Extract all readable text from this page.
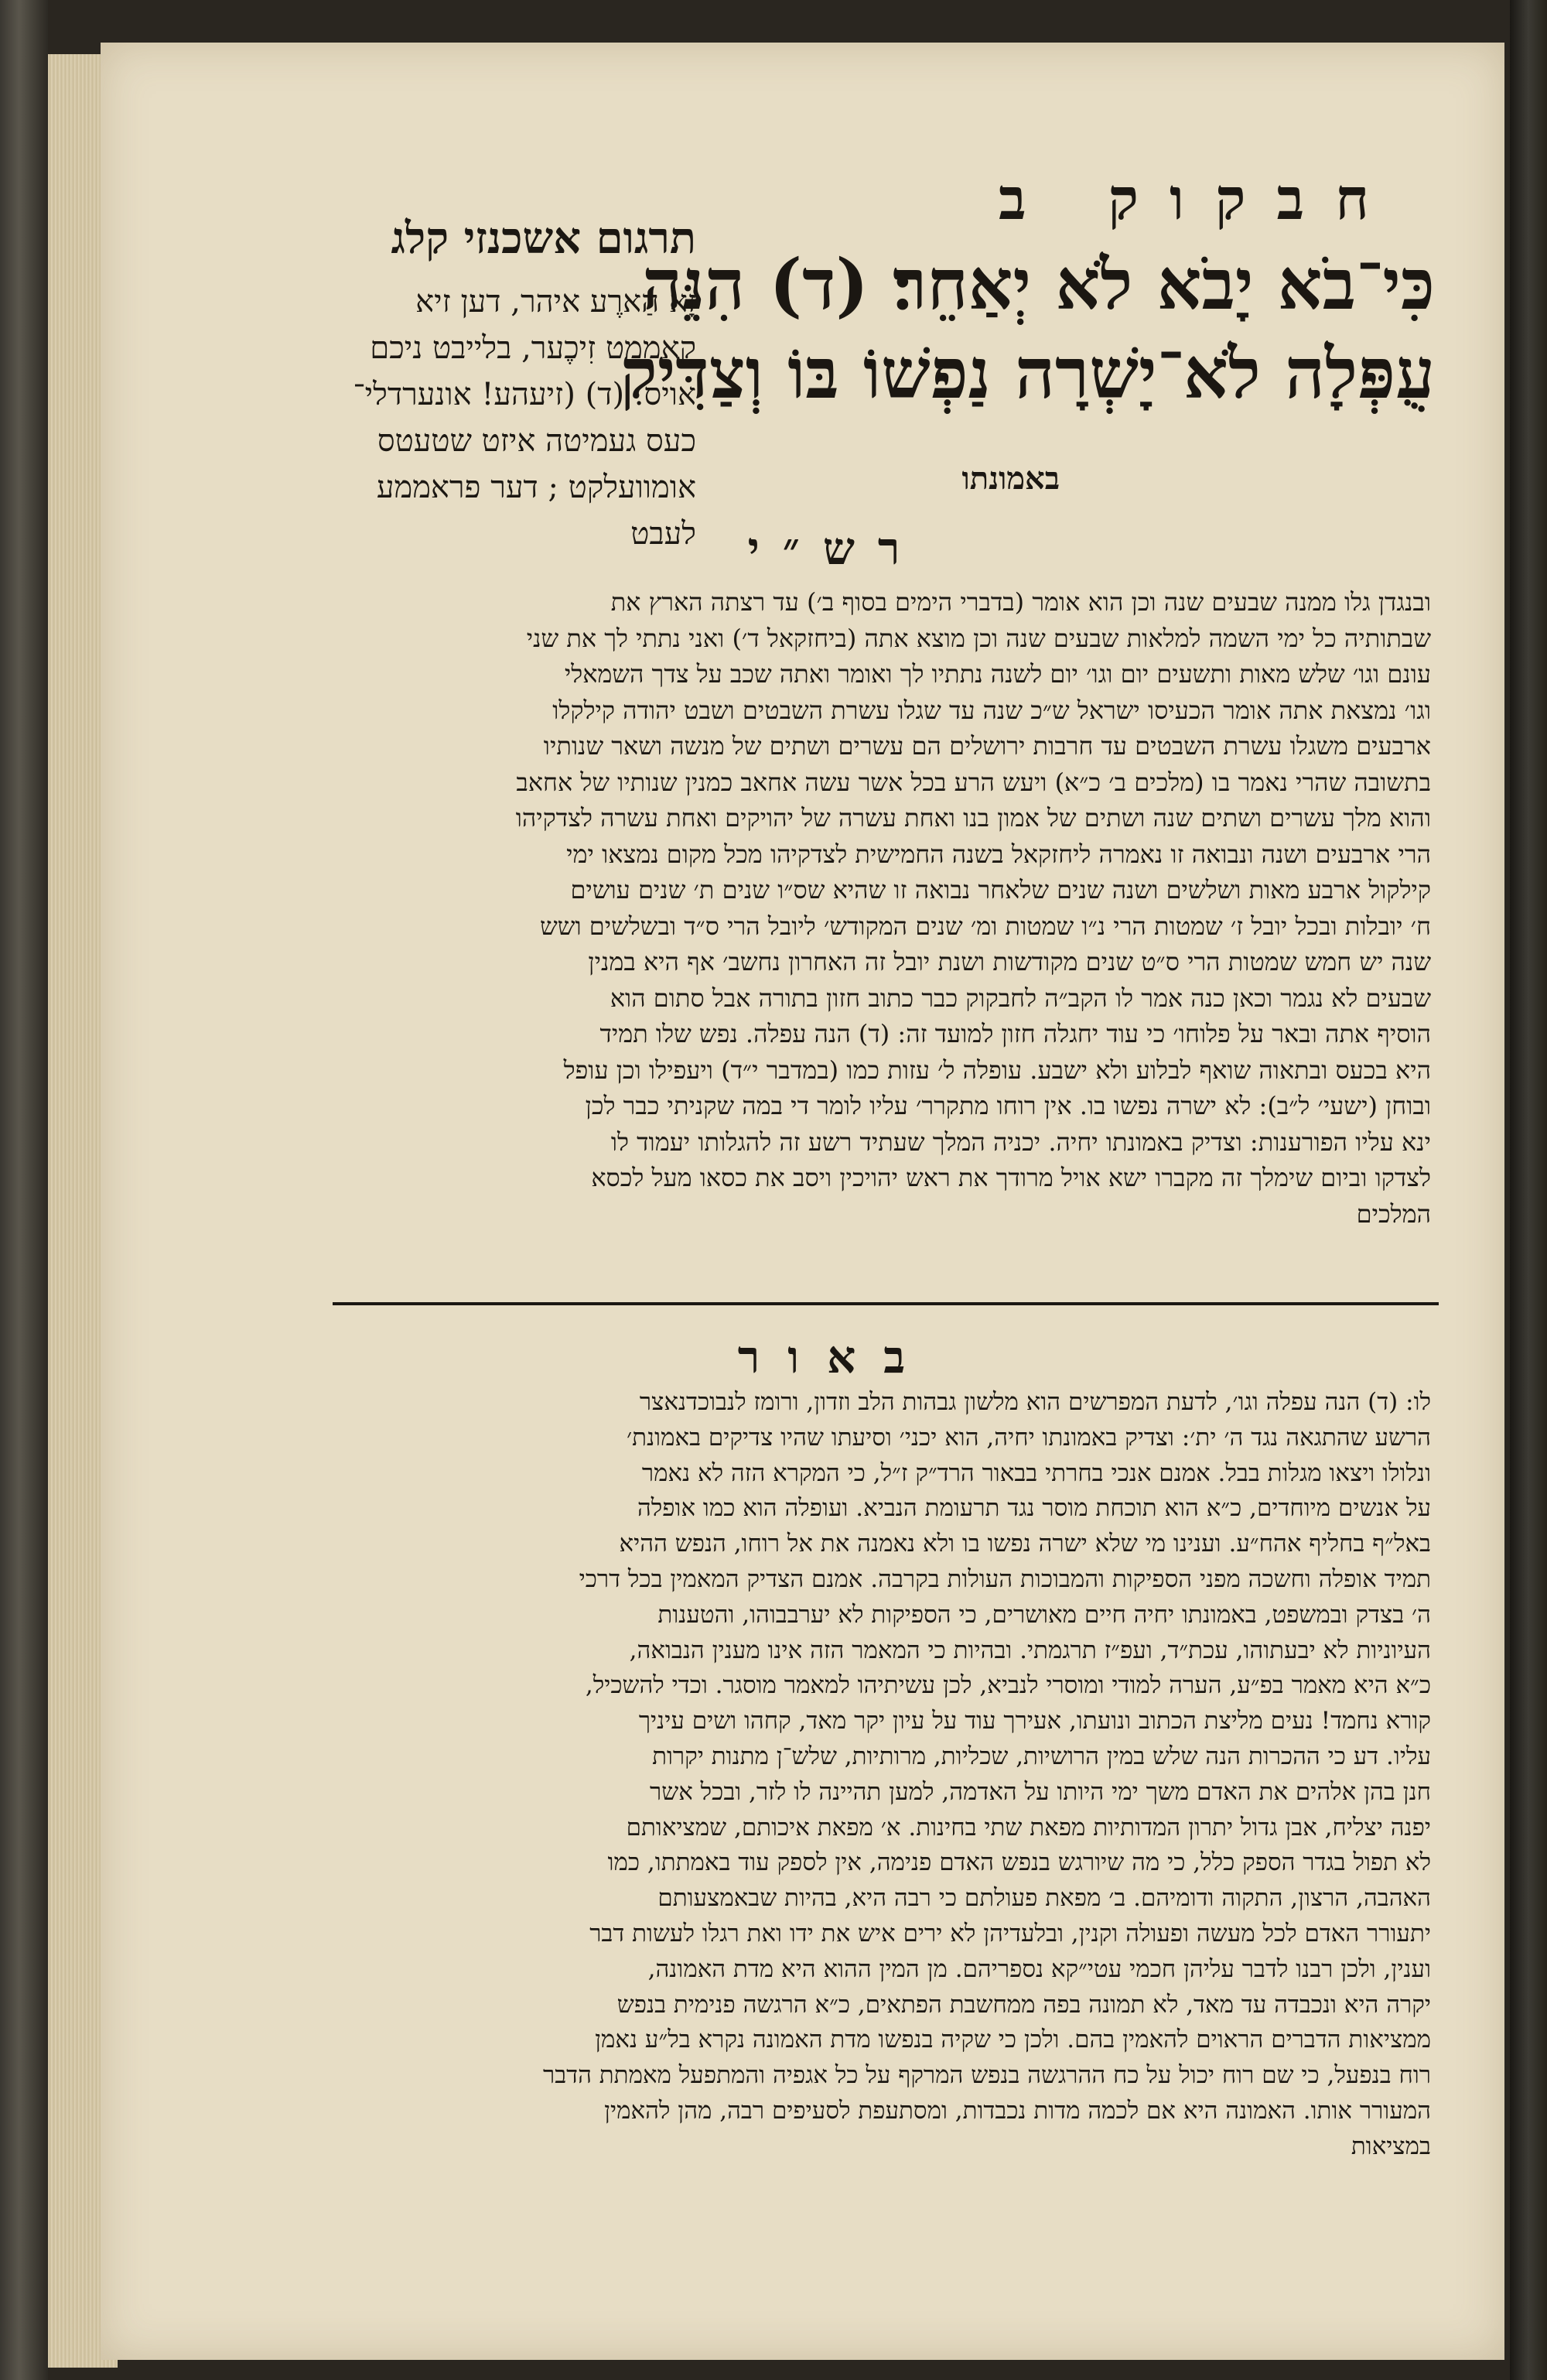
חבקוק ב
כִּי־בֹא יָבֹא לֹא יְאַחֵר׃ (ד) הִנֵּה
עֻפְּלָה לֹא־יָשְׁרָה נַפְשׁוֹ בּוֹ וְצַדִּיק
באמונתו
תרגום אשכנזי קלג
זָא הַארֶע איהר, דען זיא
קָאממט זִיכֶער, בלייבט ניכם
אויס. (ד) (זיעהע! אונערדלי־
כעס געמיטה איזט שטעטס
אומוועלקט ; דער פראממע
לעבט	רש״י
ובנגדן גלו ממנה שבעים שנה וכן הוא אומר (בדברי הימים בסוף ב׳) עד רצתה הארץ את
שבתותיה כל ימי השמה למלאות שבעים שנה וכן מוצא אתה (ביחזקאל ד׳) ואני נתתי לך את שני
עונם וגו׳ שלש מאות ותשעים יום וגו׳ יום לשנה נתתיו לך ואומר ואתה שכב על צדך השמאלי
וגו׳ נמצאת אתה אומר הכעיסו ישראל ש״כ שנה עד שגלו עשרת השבטים ושבט יהודה קילקלו
ארבעים משגלו עשרת השבטים עד חרבות ירושלים הם עשרים ושתים של מנשה ושאר שנותיו
בתשובה שהרי נאמר בו (מלכים ב׳ כ״א) ויעש הרע בכל אשר עשה אחאב כמנין שנותיו של אחאב
והוא מלך עשרים ושתים שנה ושתים של אמון בנו ואחת עשרה של יהויקים ואחת עשרה לצדקיהו
הרי ארבעים ושנה ונבואה זו נאמרה ליחזקאל בשנה החמישית לצדקיהו מכל מקום נמצאו ימי
קילקול ארבע מאות ושלשים ושנה שנים שלאחר נבואה זו שהיא שס״ו שנים ת׳ שנים עושים
ח׳ יובלות ובכל יובל ז׳ שמטות הרי נ״ו שמטות ומ׳ שנים המקודש׳ ליובל הרי ס״ד ובשלשים ושש
שנה יש חמש שמטות הרי ס״ט שנים מקודשות ושנת יובל זה האחרון נחשב׳ אף היא במנין
שבעים לא נגמר וכאן כנה אמר לו הקב״ה לחבקוק כבר כתוב חזון בתורה אבל סתום הוא
הוסיף אתה ובאר על פלוחו׳ כי עוד יחגלה חזון למועד זה: (ד) הנה עפלה. נפש שלו תמיד
היא בכעס ובתאוה שואף לבלוע ולא ישבע. עופלה ל׳ עזות כמו (במדבר י״ד) ויעפילו וכן עופל
ובוחן (ישעי׳ ל״ב): לא ישרה נפשו בו. אין רוחו מתקרר׳ עליו לומר די במה שקניתי כבר לכן
ינא עליו הפורענות: וצדיק באמונתו יחיה. יכניה המלך שעתיד רשע זה להגלותו יעמוד לו
לצדקו וביום שימלך זה מקברו ישא אויל מרודך את ראש יהויכין ויסב את כסאו מעל לכסא
המלכים
באור
לו: (ד) הנה עפלה וגו׳, לדעת המפרשים הוא מלשון גבהות הלב וזדון, ורומז לנבוכדנאצר
הרשע שהתגאה נגד ה׳ ית׳: וצדיק באמונתו יחיה, הוא יכני׳ וסיעתו שהיו צדיקים באמונת׳
ונלולו ויצאו מגלות בבל. אמנם אנכי בחרתי בבאור הרד״ק ז״ל, כי המקרא הזה לא נאמר
על אנשים מיוחדים, כ״א הוא תוכחת מוסר נגד תרעומת הנביא. ועופלה הוא כמו אופלה
באל״ף בחליף אהח״ע. וענינו מי שלא ישרה נפשו בו ולא נאמנה את אל רוחו, הנפש ההיא
תמיד אופלה וחשכה מפני הספיקות והמבוכות העולות בקרבה. אמנם הצדיק המאמין בכל דרכי
ה׳ בצדק ובמשפט, באמונתו יחיה חיים מאושרים, כי הספיקות לא יערבבוהו, והטענות
העיוניות לא יבעתוהו, עכת״ד, ועפ״ז תרגמתי. ובהיות כי המאמר הזה אינו מענין הנבואה,
כ״א היא מאמר בפ״ע, הערה למודי ומוסרי לנביא, לכן עשיתיהו למאמר מוסגר. וכדי להשכיל,
קורא נחמד! נעים מליצת הכתוב ונועתו, אעירך עוד על עיון יקר מאד, קחהו ושים עיניך
עליו. דע כי ההכרות הנה שלש במין הרושיות, שכליות, מרותיות, שלש־ן מתנות יקרות
חנן בהן אלהים את האדם משך ימי היותו על האדמה, למען תהיינה לו לזר, ובכל אשר
יפנה יצליח, אבן גדול יתרון המדותיות מפאת שתי בחינות. א׳ מפאת איכותם, שמציאותם
לא תפול בגדר הספק כלל, כי מה שיורגש בנפש האדם פנימה, אין לספק עוד באמתתו, כמו
האהבה, הרצון, התקוה ודומיהם. ב׳ מפאת פעולתם כי רבה היא, בהיות שבאמצעותם
יתעורר האדם לכל מעשה ופעולה וקנין, ובלעדיהן לא ירים איש את ידו ואת רגלו לעשות דבר
וענין, ולכן רבנו לדבר עליהן חכמי עטי״קא נספריהם. מן המין ההוא היא מדת האמונה,
יקרה היא ונכבדה עד מאד, לא תמונה בפה ממחשבת הפתאים, כ״א הרגשה פנימית בנפש
ממציאות הדברים הראוים להאמין בהם. ולכן כי שקיה בנפשו מדת האמונה נקרא בל״ע נאמן
רוח בנפעל, כי שם רוח יכול על כח ההרגשה בנפש המרקף על כל אגפיה והמתפעל מאמתת הדבר
המעורר אותו. האמונה היא אם לכמה מדות נכבדות, ומסתעפת לסעיפים רבה, מהן להאמין
במציאות
